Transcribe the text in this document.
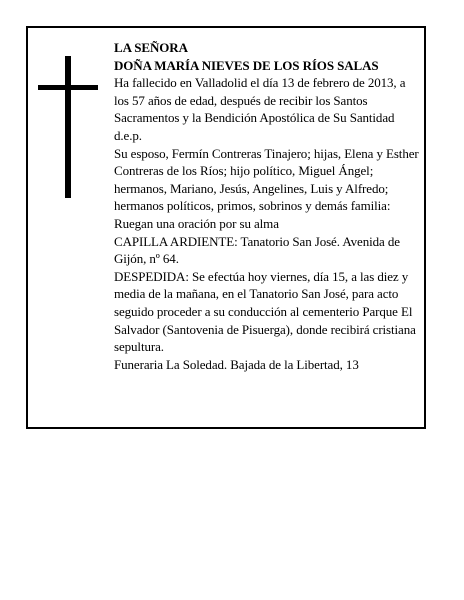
LA SEÑORA

DOÑA MARÍA NIEVES DE LOS RÍOS SALAS

Ha fallecido en Valladolid el día 13 de febrero de 2013, a los 57 años de edad, después de recibir los Santos Sacramentos y la Bendición Apostólica de Su Santidad d.e.p.

Su esposo, Fermín Contreras Tinajero; hijas, Elena y Esther Contreras de los Ríos; hijo político, Miguel Ángel; hermanos, Mariano, Jesús, Angelines, Luis y Alfredo; hermanos políticos, primos, sobrinos y demás familia:

Ruegan una oración por su alma

CAPILLA ARDIENTE: Tanatorio San José. Avenida de Gijón, nº 64.

DESPEDIDA: Se efectúa hoy viernes, día 15, a las diez y media de la mañana, en el Tanatorio San José, para acto seguido proceder a su conducción al cementerio Parque El Salvador (Santovenia de Pisuerga), donde recibirá cristiana sepultura.

Funeraria La Soledad. Bajada de la Libertad, 13
